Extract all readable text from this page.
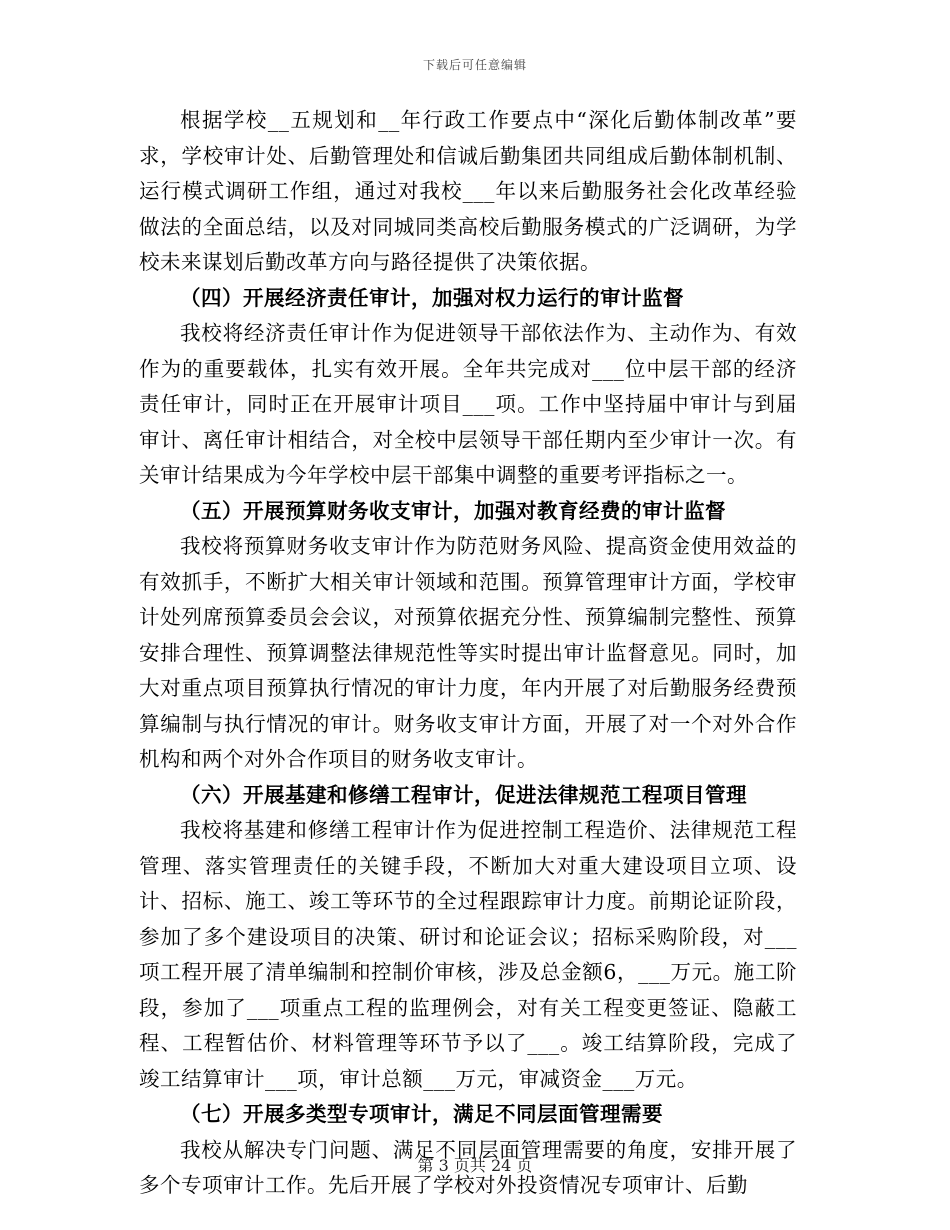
下载后可任意编辑

根据学校__五规划和__年行政工作要点中“深化后勤体制改革”要求，学校审计处、后勤管理处和信诚后勤集团共同组成后勤体制机制、运行模式调研工作组，通过对我校___年以来后勤服务社会化改革经验做法的全面总结，以及对同城同类高校后勤服务模式的广泛调研，为学校未来谋划后勤改革方向与路径提供了决策依据。

（四）开展经济责任审计，加强对权力运行的审计监督

我校将经济责任审计作为促进领导干部依法作为、主动作为、有效作为的重要载体，扎实有效开展。全年共完成对___位中层干部的经济责任审计，同时正在开展审计项目___项。工作中坚持届中审计与到届审计、离任审计相结合，对全校中层领导干部任期内至少审计一次。有关审计结果成为今年学校中层干部集中调整的重要考评指标之一。

（五）开展预算财务收支审计，加强对教育经费的审计监督

我校将预算财务收支审计作为防范财务风险、提高资金使用效益的有效抓手，不断扩大相关审计领域和范围。预算管理审计方面，学校审计处列席预算委员会会议，对预算依据充分性、预算编制完整性、预算安排合理性、预算调整法律规范性等实时提出审计监督意见。同时，加大对重点项目预算执行情况的审计力度，年内开展了对后勤服务经费预算编制与执行情况的审计。财务收支审计方面，开展了对一个对外合作机构和两个对外合作项目的财务收支审计。

（六）开展基建和修缮工程审计，促进法律规范工程项目管理

我校将基建和修缮工程审计作为促进控制工程造价、法律规范工程管理、落实管理责任的关键手段，不断加大对重大建设项目立项、设计、招标、施工、竣工等环节的全过程跟踪审计力度。前期论证阶段，参加了多个建设项目的决策、研讨和论证会议；招标采购阶段，对___项工程开展了清单编制和控制价审核，涉及总金额6，___万元。施工阶段，参加了___项重点工程的监理例会，对有关工程变更签证、隐蔽工程、工程暂估价、材料管理等环节予以了___。竣工结算阶段，完成了竣工结算审计___项，审计总额___万元，审减资金___万元。

（七）开展多类型专项审计，满足不同层面管理需要

我校从解决专门问题、满足不同层面管理需要的角度，安排开展了多个专项审计工作。先后开展了学校对外投资情况专项审计、后勤

第 3 页共 24 页
